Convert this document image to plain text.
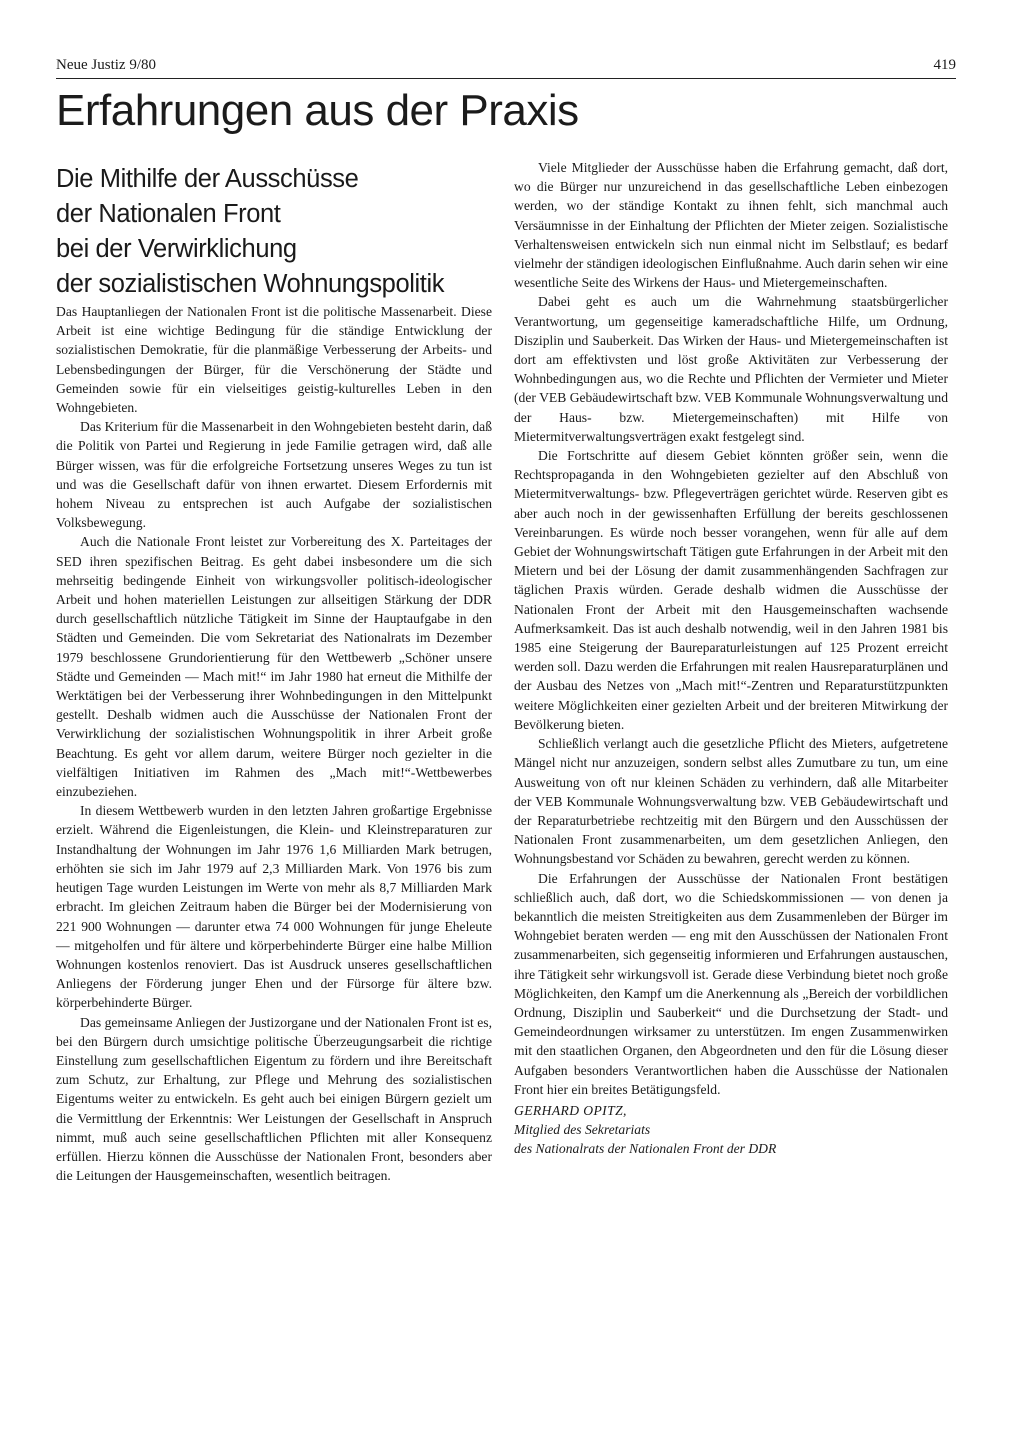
Neue Justiz 9/80	419
Erfahrungen aus der Praxis
Die Mithilfe der Ausschüsse
der Nationalen Front
bei der Verwirklichung
der sozialistischen Wohnungspolitik

Das Hauptanliegen der Nationalen Front ist die politische Massenarbeit. Diese Arbeit ist eine wichtige Bedingung für die ständige Entwicklung der sozialistischen Demokratie, für die planmäßige Verbesserung der Arbeits- und Lebensbedingungen der Bürger, für die Verschönerung der Städte und Gemeinden sowie für ein vielseitiges geistig-kulturelles Leben in den Wohngebieten.

Das Kriterium für die Massenarbeit in den Wohngebieten besteht darin, daß die Politik von Partei und Regierung in jede Familie getragen wird, daß alle Bürger wissen, was für die erfolgreiche Fortsetzung unseres Weges zu tun ist und was die Gesellschaft dafür von ihnen erwartet. Diesem Erfordernis mit hohem Niveau zu entsprechen ist auch Aufgabe der sozialistischen Volksbewegung.

Auch die Nationale Front leistet zur Vorbereitung des X. Parteitages der SED ihren spezifischen Beitrag. Es geht dabei insbesondere um die sich mehrseitig bedingende Einheit von wirkungsvoller politisch-ideologischer Arbeit und hohen materiellen Leistungen zur allseitigen Stärkung der DDR durch gesellschaftlich nützliche Tätigkeit im Sinne der Hauptaufgabe in den Städten und Gemeinden. Die vom Sekretariat des Nationalrats im Dezember 1979 beschlossene Grundorientierung für den Wettbewerb „Schöner unsere Städte und Gemeinden — Mach mit!“ im Jahr 1980 hat erneut die Mithilfe der Werktätigen bei der Verbesserung ihrer Wohnbedingungen in den Mittelpunkt gestellt. Deshalb widmen auch die Ausschüsse der Nationalen Front der Verwirklichung der sozialistischen Wohnungspolitik in ihrer Arbeit große Beachtung. Es geht vor allem darum, weitere Bürger noch gezielter in die vielfältigen Initiativen im Rahmen des „Mach mit!“-Wettbewerbes einzubeziehen.

In diesem Wettbewerb wurden in den letzten Jahren großartige Ergebnisse erzielt. Während die Eigenleistungen, die Klein- und Kleinstreparaturen zur Instandhaltung der Wohnungen im Jahr 1976 1,6 Milliarden Mark betrugen, erhöhten sie sich im Jahr 1979 auf 2,3 Milliarden Mark. Von 1976 bis zum heutigen Tage wurden Leistungen im Werte von mehr als 8,7 Milliarden Mark erbracht. Im gleichen Zeitraum haben die Bürger bei der Modernisierung von 221 900 Wohnungen — darunter etwa 74 000 Wohnungen für junge Eheleute — mitgeholfen und für ältere und körperbehinderte Bürger eine halbe Million Wohnungen kostenlos renoviert. Das ist Ausdruck unseres gesellschaftlichen Anliegens der Förderung junger Ehen und der Fürsorge für ältere bzw. körperbehinderte Bürger.

Das gemeinsame Anliegen der Justizorgane und der Nationalen Front ist es, bei den Bürgern durch umsichtige politische Überzeugungsarbeit die richtige Einstellung zum gesellschaftlichen Eigentum zu fördern und ihre Bereitschaft zum Schutz, zur Erhaltung, zur Pflege und Mehrung des sozialistischen Eigentums weiter zu entwickeln. Es geht auch bei einigen Bürgern gezielt um die Vermittlung der Erkenntnis: Wer Leistungen der Gesellschaft in Anspruch nimmt, muß auch seine gesellschaftlichen Pflichten mit aller Konsequenz erfüllen. Hierzu können die Ausschüsse der Nationalen Front, besonders aber die Leitungen der Hausgemeinschaften, wesentlich beitragen.

Viele Mitglieder der Ausschüsse haben die Erfahrung gemacht, daß dort, wo die Bürger nur unzureichend in das gesellschaftliche Leben einbezogen werden, wo der ständige Kontakt zu ihnen fehlt, sich manchmal auch Versäumnisse in der Einhaltung der Pflichten der Mieter zeigen. Sozialistische Verhaltensweisen entwickeln sich nun einmal nicht im Selbstlauf; es bedarf vielmehr der ständigen ideologischen Einflußnahme. Auch darin sehen wir eine wesentliche Seite des Wirkens der Haus- und Mietergemeinschaften.

Dabei geht es auch um die Wahrnehmung staatsbürgerlicher Verantwortung, um gegenseitige kameradschaftliche Hilfe, um Ordnung, Disziplin und Sauberkeit. Das Wirken der Haus- und Mietergemeinschaften ist dort am effektivsten und löst große Aktivitäten zur Verbesserung der Wohnbedingungen aus, wo die Rechte und Pflichten der Vermieter und Mieter (der VEB Gebäudewirtschaft bzw. VEB Kommunale Wohnungsverwaltung und der Haus- bzw. Mietergemeinschaften) mit Hilfe von Mietermitverwaltungsverträgen exakt festgelegt sind.

Die Fortschritte auf diesem Gebiet könnten größer sein, wenn die Rechtspropaganda in den Wohngebieten gezielter auf den Abschluß von Mietermitverwaltungs- bzw. Pflegeverträgen gerichtet würde. Reserven gibt es aber auch noch in der gewissenhaften Erfüllung der bereits geschlossenen Vereinbarungen. Es würde noch besser vorangehen, wenn für alle auf dem Gebiet der Wohnungswirtschaft Tätigen gute Erfahrungen in der Arbeit mit den Mietern und bei der Lösung der damit zusammenhängenden Sachfragen zur täglichen Praxis würden. Gerade deshalb widmen die Ausschüsse der Nationalen Front der Arbeit mit den Hausgemeinschaften wachsende Aufmerksamkeit. Das ist auch deshalb notwendig, weil in den Jahren 1981 bis 1985 eine Steigerung der Baureparaturleistungen auf 125 Prozent erreicht werden soll. Dazu werden die Erfahrungen mit realen Hausreparaturplänen und der Ausbau des Netzes von „Mach mit!“-Zentren und Reparaturstützpunkten weitere Möglichkeiten einer gezielten Arbeit und der breiteren Mitwirkung der Bevölkerung bieten.

Schließlich verlangt auch die gesetzliche Pflicht des Mieters, aufgetretene Mängel nicht nur anzuzeigen, sondern selbst alles Zumutbare zu tun, um eine Ausweitung von oft nur kleinen Schäden zu verhindern, daß alle Mitarbeiter der VEB Kommunale Wohnungsverwaltung bzw. VEB Gebäudewirtschaft und der Reparaturbetriebe rechtzeitig mit den Bürgern und den Ausschüssen der Nationalen Front zusammenarbeiten, um dem gesetzlichen Anliegen, den Wohnungsbestand vor Schäden zu bewahren, gerecht werden zu können.

Die Erfahrungen der Ausschüsse der Nationalen Front bestätigen schließlich auch, daß dort, wo die Schiedskommissionen — von denen ja bekanntlich die meisten Streitigkeiten aus dem Zusammenleben der Bürger im Wohngebiet beraten werden — eng mit den Ausschüssen der Nationalen Front zusammenarbeiten, sich gegenseitig informieren und Erfahrungen austauschen, ihre Tätigkeit sehr wirkungsvoll ist. Gerade diese Verbindung bietet noch große Möglichkeiten, den Kampf um die Anerkennung als „Bereich der vorbildlichen Ordnung, Disziplin und Sauberkeit“ und die Durchsetzung der Stadt- und Gemeindeordnungen wirksamer zu unterstützen. Im engen Zusammenwirken mit den staatlichen Organen, den Abgeordneten und den für die Lösung dieser Aufgaben besonders Verantwortlichen haben die Ausschüsse der Nationalen Front hier ein breites Betätigungsfeld.

GERHARD OPITZ,
Mitglied des Sekretariats
des Nationalrats der Nationalen Front der DDR
